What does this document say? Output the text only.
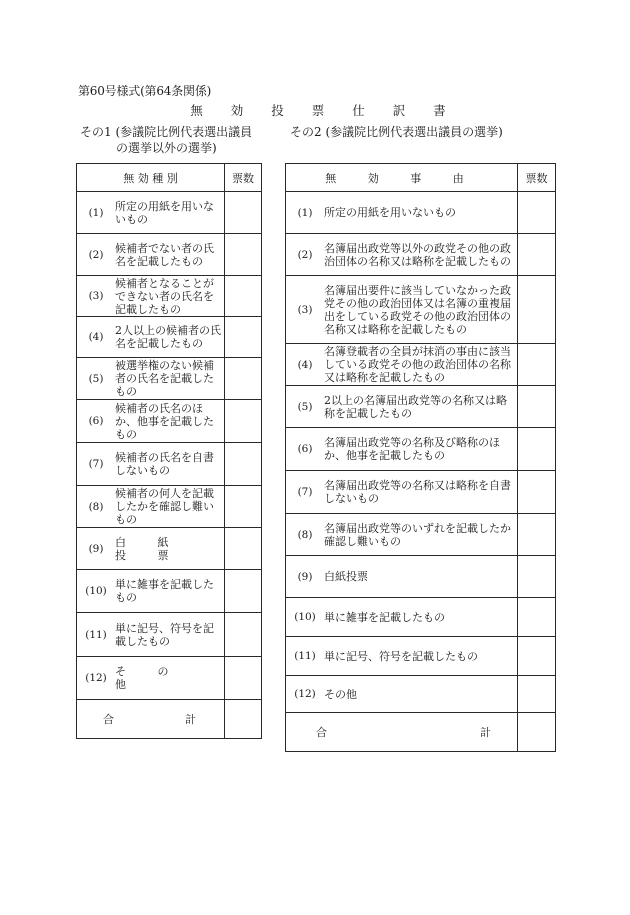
第60号様式(第64条関係)
無 効 投 票 仕 訳 書
その1 (参議院比例代表選出議員
の選挙以外の選挙)
その2 (参議院比例代表選出議員の選挙)
無 効 種 別	票数

(1) 所定の用紙を用いないもの	

(2) 候補者でない者の氏名を記載したもの	

(3)
候補者となることができない者の氏名を記載したもの	

(4) 2人以上の候補者の氏名を記載したもの	

(5)
被選挙権のない候補者の氏名を記載したもの	

(6)
候補者の氏名のほか、他事を記載したもの	

(7) 候補者の氏名を自書しないもの	

(8)
候補者の何人を記載したかを確認し難いもの	

(9) 白 紙 投 票	

(10) 単に雑事を記載したもの	

(11) 単に記号、符号を記載したもの	

(12) そ の 他	

合 計	

無 効 事 由	票数

(1) 所定の用紙を用いないもの	

(2) 名簿届出政党等以外の政党その他の政治団体の名称又は略称を記載したもの	

(3)
名簿届出要件に該当していなかった政党その他の政治団体又は名簿の重複届出をしている政党その他の政治団体の名称又は略称を記載したもの	

(4)
名簿登載者の全員が抹消の事由に該当している政党その他の政治団体の名称又は略称を記載したもの	

(5) 2以上の名簿届出政党等の名称又は略称を記載したもの	

(6) 名簿届出政党等の名称及び略称のほか、他事を記載したもの	

(7) 名簿届出政党等の名称又は略称を自書しないもの	

(8) 名簿届出政党等のいずれを記載したか確認し難いもの	

(9) 白紙投票	

(10) 単に雑事を記載したもの	

(11) 単に記号、符号を記載したもの	

(12) その他	

合 計	
